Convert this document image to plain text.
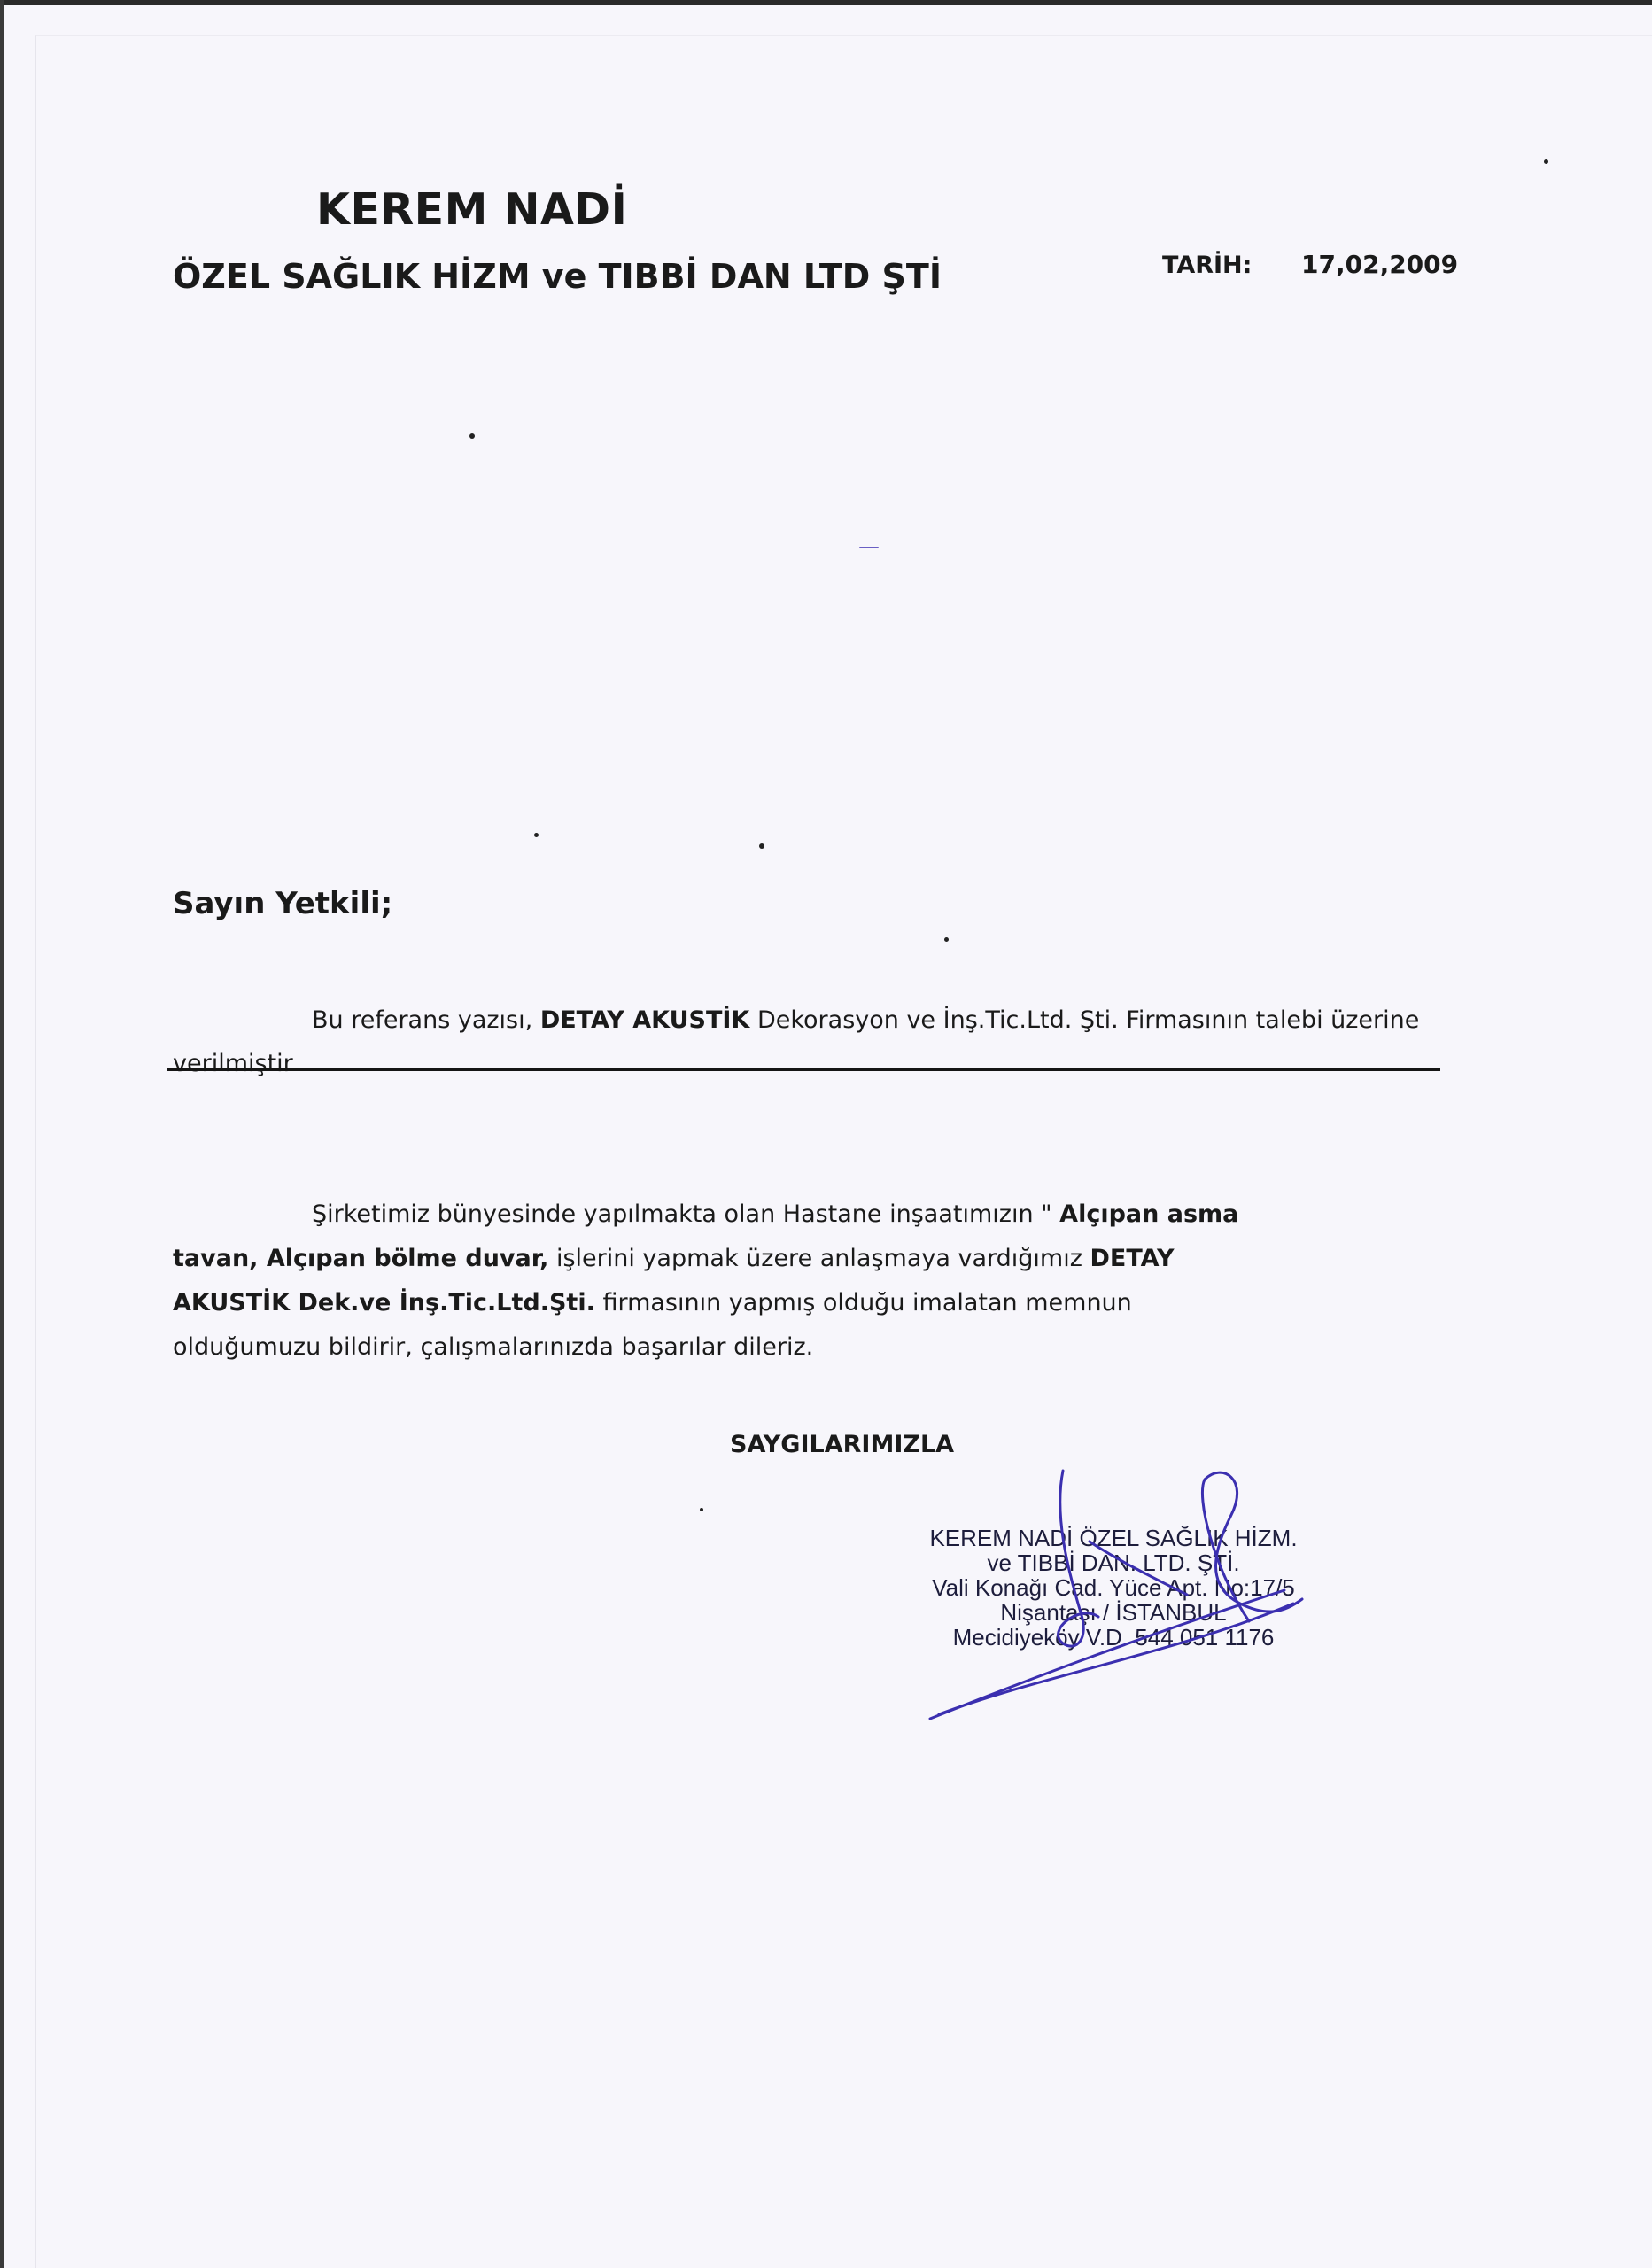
KEREM NADİ
ÖZEL SAĞLIK HİZM ve TIBBİ DAN LTD ŞTİ	TARİH: 17,02,2009
Sayın Yetkili;
Bu referans yazısı, DETAY AKUSTİK Dekorasyon ve İnş.Tic.Ltd. Şti. Firmasının talebi üzerine verilmiştir.
Şirketimiz bünyesinde yapılmakta olan Hastane inşaatımızın " Alçıpan asma tavan, Alçıpan bölme duvar, işlerini yapmak üzere anlaşmaya vardığımız DETAY AKUSTİK Dek.ve İnş.Tic.Ltd.Şti. firmasının yapmış olduğu imalatan memnun olduğumuzu bildirir, çalışmalarınızda başarılar dileriz.
SAYGILARIMIZLA
KEREM NADİ ÖZEL SAĞLIK HİZM.
ve TIBBİ DAN. LTD. ŞTİ.
Vali Konağı Cad. Yüce Apt. No:17/5
Nişantaşı / İSTANBUL
Mecidiyeköy V.D. 544 051 1176
